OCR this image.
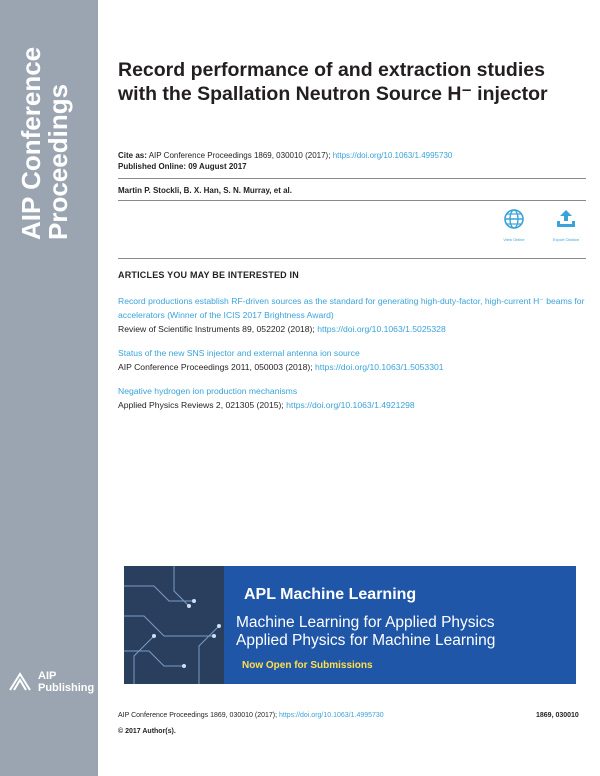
AIP Conference
Proceedings
AIP
Publishing
Record performance of and extraction studies with the Spallation Neutron Source H⁻ injector
Cite as: AIP Conference Proceedings 1869, 030010 (2017); https://doi.org/10.1063/1.4995730
Published Online: 09 August 2017
Martin P. Stockli, B. X. Han, S. N. Murray, et al.
View Online	Export Citation
ARTICLES YOU MAY BE INTERESTED IN
Record productions establish RF-driven sources as the standard for generating high-duty-factor, high-current H⁻ beams for accelerators (Winner of the ICIS 2017 Brightness Award)
Review of Scientific Instruments 89, 052202 (2018); https://doi.org/10.1063/1.5025328
Status of the new SNS injector and external antenna ion source
AIP Conference Proceedings 2011, 050003 (2018); https://doi.org/10.1063/1.5053301
Negative hydrogen ion production mechanisms
Applied Physics Reviews 2, 021305 (2015); https://doi.org/10.1063/1.4921298
APL Machine Learning
Machine Learning for Applied Physics
Applied Physics for Machine Learning
Now Open for Submissions
AIP Conference Proceedings 1869, 030010 (2017); https://doi.org/10.1063/1.4995730	1869, 030010
© 2017 Author(s).
